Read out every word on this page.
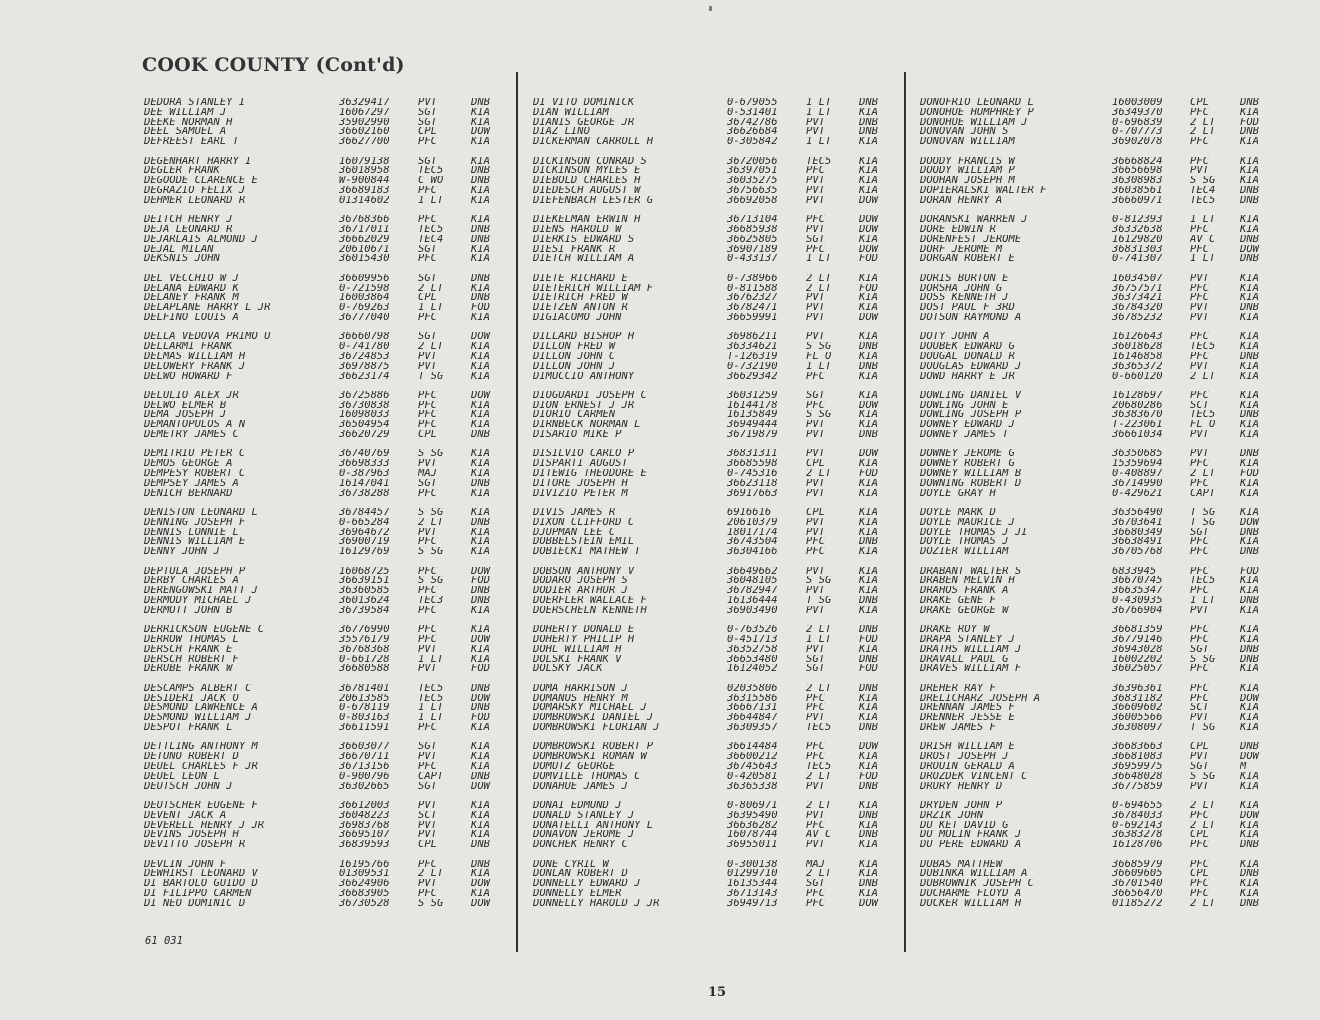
COOK COUNTY (Cont'd)
DEDORA STANLEY I	36329417	PVT	DNB
DEE WILLIAM J	16067297	SGT	KIA
DEEKE NORMAN H	35902990	SGT	KIA
DEEL SAMUEL A	36602160	CPL	DOW
DEFREEST EARL T	36627700	PFC	KIA
DEGENHART HARRY I	16079138	SGT	KIA
DEGLER FRANK	36018958	TEC5	DNB
DEGOODE CLARENCE E	W-900844	C WO	DNB
DEGRAZIO FELIX J	36689183	PFC	KIA
DEHMER LEONARD R	01314602	1 LT	KIA
DEITCH HENRY J	36768366	PFC	KIA
DEJA LEONARD R	36717011	TEC5	DNB
DEJARLAIS ALMOND J	36662029	TEC4	DNB
DEJAL MILAN	20610671	SGT	KIA
DEKSNIS JOHN	36015430	PFC	KIA
DEL VECCHIO W J	36609956	SGT	DNB
DELANA EDWARD K	0-721598	2 LT	KIA
DELANEY FRANK M	16003864	CPL	DNB
DELAPLANE HARRY L JR	0-769263	1 LT	FOD
DELFINO LOUIS A	36777040	PFC	KIA
DELLA VEDOVA PRIMO U	36660798	SGT	DOW
DELLARMI FRANK	0-741780	2 LT	KIA
DELMAS WILLIAM H	36724853	PVT	KIA
DELOWERY FRANK J	36978875	PVT	KIA
DELWO HOWARD F	36623174	T SG	KIA
DELULIO ALEX JR	36725886	PFC	DOW
DELWO ELMER B	36730838	PFC	KIA
DEMA JOSEPH J	16098033	PFC	KIA
DEMANTOPULOS A N	36504954	PFC	KIA
DEMETRY JAMES C	36620729	CPL	DNB
DEMITRIU PETER C	36740769	S SG	KIA
DEMOS GEORGE A	36698333	PVT	KIA
DEMPESY ROBERT C	0-387963	MAJ	KIA
DEMPSEY JAMES A	16147041	SGT	DNB
DENICH BERNARD	36738288	PFC	KIA
DENISTON LEONARD L	36784457	S SG	KIA
DENNING JOSEPH F	0-665284	2 LT	DNB
DENNIS LONNIE L	36964672	PVT	KIA
DENNIS WILLIAM E	36900719	PFC	KIA
DENNY JOHN J	16129769	S SG	KIA
DEPTULA JOSEPH P	16068725	PFC	DOW
DERBY CHARLES A	36639151	S SG	FOD
DERENGOWSKI MATT J	36360585	PFC	DNB
DERMODY MICHAEL J	36013624	TEC3	DNB
DERMOTT JOHN B	36739584	PFC	KIA
DERRICKSON EUGENE C	36776990	PFC	KIA
DERROW THOMAS L	35576179	PFC	DOW
DERSCH FRANK E	36768368	PVT	KIA
DERSCH ROBERT F	0-661728	1 LT	KIA
DERUBE FRANK W	36680588	PVT	FOD
DESCAMPS ALBERT C	36781401	TEC5	DNB
DESIDERI JACK O	20613585	TEC5	DOW
DESMOND LAWRENCE A	0-678119	1 LT	DNB
DESMOND WILLIAM J	0-803163	1 LT	FOD
DESPOT FRANK L	36611591	PFC	KIA
DETTLING ANTHONY M	36603077	SGT	KIA
DETUNO ROBERT D	36670711	PVT	KIA
DEUEL CHARLES F JR	36713156	PFC	KIA
DEUEL LEON L	0-900796	CAPT	DNB
DEUTSCH JOHN J	36302665	SGT	DOW
DEUTSCHER EUGENE F	36612003	PVT	KIA
DEVENT JACK A	36048223	SCT	KIA
DEVERELL HENRY J JR	36983768	PVT	KIA
DEVINS JOSEPH H	36695107	PVT	KIA
DEVITTO JOSEPH R	36839593	CPL	DNB
DEVLIN JOHN F	16195766	PFC	DNB
DEWHIRST LEONARD V	01309531	2 LT	KIA
DI BARTOLO GUIDO D	36624906	PVT	DOW
DI FILIPPO CARMEN	36683905	PFC	KIA
DI NEO DOMINIC D	36730528	S SG	DOW
DI VITO DOMINICK	0-679055	1 LT	DNB
DIAN WILLIAM	0-531401	1 LT	KIA
DIANIS GEORGE JR	36742786	PVT	DNB
DIAZ LINO	36626684	PVT	DNB
DICKERMAN CARROLL H	0-305842	1 LT	KIA
DICKINSON CONRAD S	36720056	TEC5	KIA
DICKINSON MYLES E	36397051	PFC	KIA
DIEBOLD CHARLES H	36035275	PVT	KIA
DIEDESCH AUGUST W	36756635	PVT	KIA
DIEFENBACH LESTER G	36692058	PVT	DOW
DIEKELMAN ERWIN H	36713104	PFC	DOW
DIENS HAROLD W	36685938	PVT	DOW
DIERKIS EDWARD S	36625805	SGT	KIA
DIESI FRANK R	36907189	PFC	DOW
DIETCH WILLIAM A	0-433137	1 LT	FOD
DIETE RICHARD E	0-738966	2 LT	KIA
DIETERICH WILLIAM F	0-811588	2 LT	FOD
DIETRICH FRED W	36762327	PVT	KIA
DIETZEN ANTON R	36782471	PVT	KIA
DIGIACOMO JOHN	36659991	PVT	DOW
DILLARD BISHOP H	36986211	PVT	KIA
DILLON FRED W	36334621	S SG	DNB
DILLON JOHN C	T-126319	FL O	KIA
DILLON JOHN J	0-732190	1 LT	DNB
DIMUCCIO ANTHONY	36629342	PFC	KIA
DIOGUARDI JOSEPH C	36031259	SGT	KIA
DION ERNEST J JR	16144178	PFC	DOW
DIORIO CARMEN	16135849	S SG	KIA
DIRNBECK NORMAN L	36949444	PVT	KIA
DISARIO MIKE P	36719879	PVT	DNB
DISILVIO CARLO P	36831311	PVT	DOW
DISPARTI AUGUST	36685598	CPL	KIA
DITEWIG THEODORE E	0-745316	2 LT	FOD
DITORE JOSEPH H	36623118	PVT	KIA
DIVIZIO PETER M	36917663	PVT	KIA
DIVIS JAMES R	6916616	CPL	KIA
DIXON CLIFFORD C	20610379	PVT	KIA
DJUPMAN LEE C	18017174	PVT	KIA
DOBBELSTEIN EMIL	36743504	PFC	DNB
DOBIECKI MATHEW T	36304166	PFC	KIA
DOBSON ANTHONY V	36649662	PVT	KIA
DODARO JOSEPH S	36048105	S SG	KIA
DODIER ARTHUR J	36782947	PVT	KIA
DOERFLER WALLACE F	16136444	T SG	DNB
DOERSCHELN KENNETH	36903490	PVT	KIA
DOHERTY DONALD E	0-763526	2 LT	DNB
DOHERTY PHILIP H	0-451713	1 LT	FOD
DOHL WILLIAM H	36352758	PVT	KIA
DOLSKI FRANK V	36653480	SGT	DNB
DOLSKY JACK	16124052	SGT	FOD
DOMA HARRISON J	02035806	2 LT	DNB
DOMANUS HENRY M	36315586	PFC	KIA
DOMARSKY MICHAEL J	36667131	PFC	KIA
DOMBROWSKI DANIEL J	36644847	PVT	KIA
DOMBROWSKI FLORIAN J	36309357	TEC5	DNB
DOMBROWSKI ROBERT P	36614484	PFC	DOW
DOMBROWSKI ROMAN W	36600212	PFC	KIA
DOMUTZ GEORGE	36745643	TEC5	KIA
DOMVILLE THOMAS C	0-420581	2 LT	FOD
DONAHUE JAMES J	36365338	PVT	DNB
DONAI EDMUND J	0-806971	2 LT	KIA
DONALD STANLEY J	36395490	PVT	DNB
DONATELLI ANTHONY L	36636282	PFC	KIA
DONAVON JEROME J	16078744	AV C	DNB
DONCHEK HENRY C	36955011	PVT	KIA
DONE CYRIL W	0-300138	MAJ	KIA
DONLAN ROBERT D	01299710	2 LT	KIA
DONNELLY EDWARD J	16135344	SGT	DNB
DONNELLY ELMER	36713143	PFC	KIA
DONNELLY HAROLD J JR	36949713	PFC	DOW
DONOFRIO LEONARD L	16003009	CPL	DNB
DONOHUE HUMPHREY P	36349370	PFC	KIA
DONOHUE WILLIAM J	0-696839	2 LT	FOD
DONOVAN JOHN S	0-707773	2 LT	DNB
DONOVAN WILLIAM	36902078	PFC	KIA
DOODY FRANCIS W	36668824	PFC	KIA
DOODY WILLIAM P	36656698	PVT	KIA
DOOHAN JOSEPH M	36308983	S SG	KIA
DOPIERALSKI WALTER F	36038561	TEC4	DNB
DORAN HENRY A	36660971	TEC5	DNB
DORANSKI WARREN J	0-812393	1 LT	KIA
DORE EDWIN R	36332638	PFC	KIA
DORENFEST JEROME	16129820	AV C	DNB
DORF JEROME M	36831303	PFC	DOW
DORGAN ROBERT E	0-741307	1 LT	DNB
DORIS BURTON E	16034507	PVT	KIA
DORSHA JOHN G	36757571	PFC	KIA
DOSS KENNETH J	36373421	PFC	KIA
DOST PAUL F 3RD	36784320	PVT	DNB
DOTSON RAYMOND A	36785232	PVT	KIA
DOTY JOHN A	16126643	PFC	KIA
DOUBEK EDWARD G	36018628	TEC5	KIA
DOUGAL DONALD R	16146858	PFC	DNB
DOUGLAS EDWARD J	36365372	PVT	KIA
DOWD HARRY E JR	0-660120	2 LT	KIA
DOWLING DANIEL V	16128697	PFC	KIA
DOWLING JOHN E	20680286	SCT	KIA
DOWLING JOSEPH P	36383670	TEC5	DNB
DOWNEY EDWARD J	T-223061	FL O	KIA
DOWNEY JAMES T	36661034	PVT	KIA
DOWNEY JEROME G	36350685	PVT	DNB
DOWNEY ROBERT G	15359694	PFC	KIA
DOWNEY WILLIAM B	0-408897	2 LT	FOD
DOWNING ROBERT D	36714990	PFC	KIA
DOYLE GRAY H	0-429621	CAPT	KIA
DOYLE MARK D	36356490	T SG	KIA
DOYLE MAURICE J	36703641	T SG	DOW
DOYLE THOMAS J JI	36680349	SGT	DNB
DOYLE THOMAS J	36638491	PFC	KIA
DOZIER WILLIAM	36705768	PFC	DNB
DRABANT WALTER S	6833945	PFC	FOD
DRABEN MELVIN H	36670745	TEC5	KIA
DRAHOS FRANK A	36635347	PFC	KIA
DRAKE GENE F	0-430935	1 LT	DNB
DRAKE GEORGE W	36766904	PVT	KIA
DRAKE ROY W	36681359	PFC	KIA
DRAPA STANLEY J	36779146	PFC	KIA
DRATHS WILLIAM J	36943028	SGT	DNB
DRAVALL PAUL G	16002202	S SG	DNB
DRAVES WILLIAM F	36025057	PFC	KIA
DREHER RAY F	36396361	PFC	KIA
DRELICHARZ JOSEPH A	36831182	PFC	DOW
DRENNAN JAMES F	36609602	SCT	KIA
DRENNER JESSE E	36005566	PVT	KIA
DREW JAMES F	36308097	T SG	KIA
DRISH WILLIAM E	36683663	CPL	DNB
DROST JOSEPH J	36681083	PVT	DOW
DROUIN GERALD A	36959975	SGT	M
DROZDEK VINCENT C	36648028	S SG	KIA
DRURY HENRY D	36775859	PVT	KIA
DRYDEN JOHN P	0-694655	2 LT	KIA
DRZIK JOHN	36784033	PFC	DOW
DU KET DAVID G	0-692143	2 LT	KIA
DU MOLIN FRANK J	36383278	CPL	KIA
DU PERE EDWARD A	16128706	PFC	DNB
DUBAS MATTHEW	36685979	PFC	KIA
DUBINKA WILLIAM A	36609605	CPL	DNB
DUBROWNIK JOSEPH C	36701540	PFC	KIA
DUCHARME FLOYD A	36656470	PFC	KIA
DUCKER WILLIAM H	01185272	2 LT	DNB
61 031
15
